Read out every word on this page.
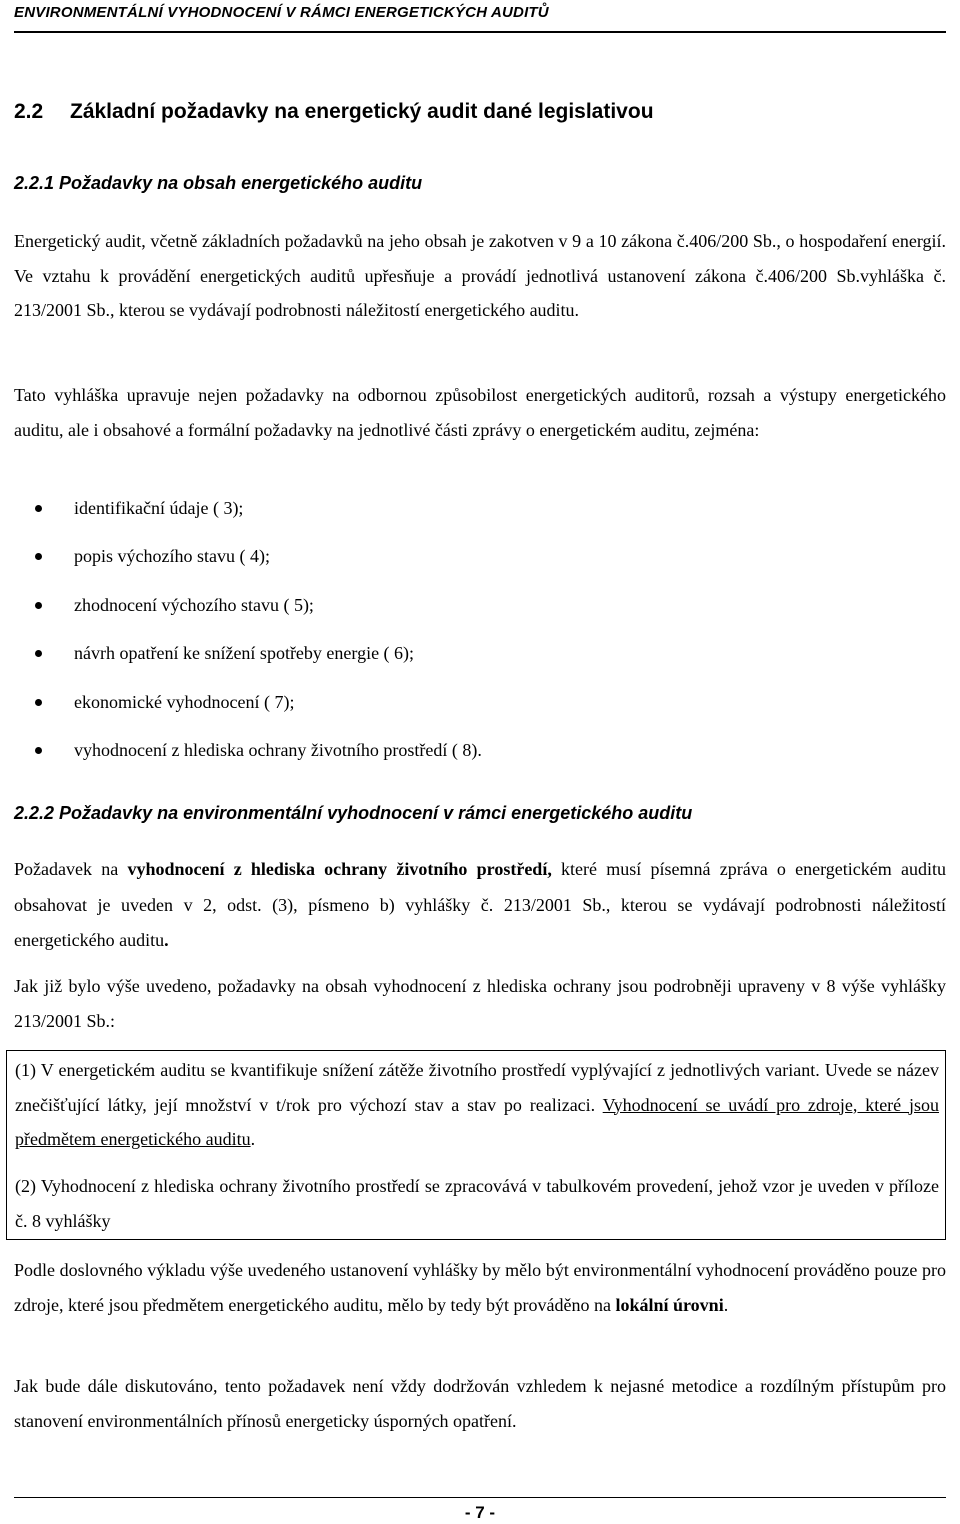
ENVIRONMENTÁLNÍ VYHODNOCENÍ V RÁMCI ENERGETICKÝCH AUDITŮ
2.2 Základní požadavky na energetický audit dané legislativou
2.2.1 Požadavky na obsah energetického auditu
Energetický audit, včetně základních požadavků na jeho obsah je zakotven v 9 a 10 zákona č.406/200 Sb., o hospodaření energií. Ve vztahu k provádění energetických auditů upřesňuje a provádí jednotlivá ustanovení zákona č.406/200 Sb.vyhláška č. 213/2001 Sb., kterou se vydávají podrobnosti náležitostí energetického auditu.
Tato vyhláška upravuje nejen požadavky na odbornou způsobilost energetických auditorů, rozsah a výstupy energetického auditu, ale i obsahové a formální požadavky na jednotlivé části zprávy o energetickém auditu, zejména:
identifikační údaje ( 3);
popis výchozího stavu ( 4);
zhodnocení výchozího stavu ( 5);
návrh opatření ke snížení spotřeby energie ( 6);
ekonomické vyhodnocení ( 7);
vyhodnocení z hlediska ochrany životního prostředí ( 8).
2.2.2 Požadavky na environmentální vyhodnocení v rámci energetického auditu
Požadavek na vyhodnocení z hlediska ochrany životního prostředí, které musí písemná zpráva o energetickém auditu obsahovat je uveden v 2, odst. (3), písmeno b) vyhlášky č. 213/2001 Sb., kterou se vydávají podrobnosti náležitostí energetického auditu.
Jak již bylo výše uvedeno, požadavky na obsah vyhodnocení z hlediska ochrany jsou podrobněji upraveny v 8 výše vyhlášky 213/2001 Sb.:
(1) V energetickém auditu se kvantifikuje snížení zátěže životního prostředí vyplývající z jednotlivých variant. Uvede se název znečišťující látky, její množství v t/rok pro výchozí stav a stav po realizaci. Vyhodnocení se uvádí pro zdroje, které jsou předmětem energetického auditu.
(2) Vyhodnocení z hlediska ochrany životního prostředí se zpracovává v tabulkovém provedení, jehož vzor je uveden v příloze č. 8 vyhlášky
Podle doslovného výkladu výše uvedeného ustanovení vyhlášky by mělo být environmentální vyhodnocení prováděno pouze pro zdroje, které jsou předmětem energetického auditu, mělo by tedy být prováděno na lokální úrovni.
Jak bude dále diskutováno, tento požadavek není vždy dodržován vzhledem k nejasné metodice a rozdílným přístupům pro stanovení environmentálních přínosů energeticky úsporných opatření.
- 7 -
